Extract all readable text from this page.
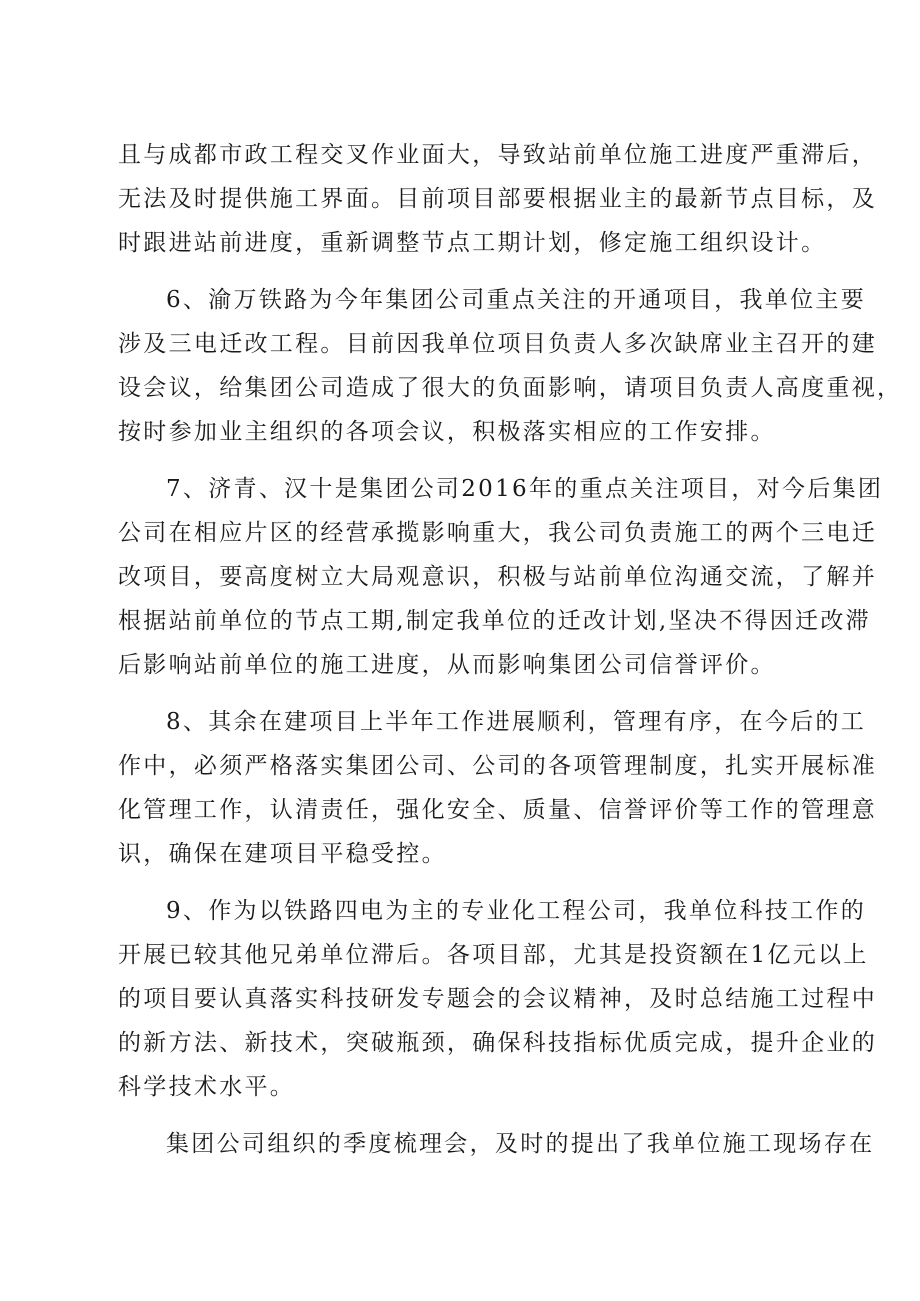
且与成都市政工程交叉作业面大，导致站前单位施工进度严重滞后，
无法及时提供施工界面。目前项目部要根据业主的最新节点目标，及
时跟进站前进度，重新调整节点工期计划，修定施工组织设计。
6、渝万铁路为今年集团公司重点关注的开通项目，我单位主要
涉及三电迁改工程。目前因我单位项目负责人多次缺席业主召开的建
设会议，给集团公司造成了很大的负面影响，请项目负责人高度重视，
按时参加业主组织的各项会议，积极落实相应的工作安排。
7、济青、汉十是集团公司2016年的重点关注项目，对今后集团
公司在相应片区的经营承揽影响重大，我公司负责施工的两个三电迁
改项目，要高度树立大局观意识，积极与站前单位沟通交流，了解并
根据站前单位的节点工期,制定我单位的迁改计划,坚决不得因迁改滞
后影响站前单位的施工进度，从而影响集团公司信誉评价。
8、其余在建项目上半年工作进展顺利，管理有序，在今后的工
作中，必须严格落实集团公司、公司的各项管理制度，扎实开展标准
化管理工作，认清责任，强化安全、质量、信誉评价等工作的管理意
识，确保在建项目平稳受控。
9、作为以铁路四电为主的专业化工程公司，我单位科技工作的
开展已较其他兄弟单位滞后。各项目部，尤其是投资额在1亿元以上
的项目要认真落实科技研发专题会的会议精神，及时总结施工过程中
的新方法、新技术，突破瓶颈，确保科技指标优质完成，提升企业的
科学技术水平。
集团公司组织的季度梳理会，及时的提出了我单位施工现场存在
